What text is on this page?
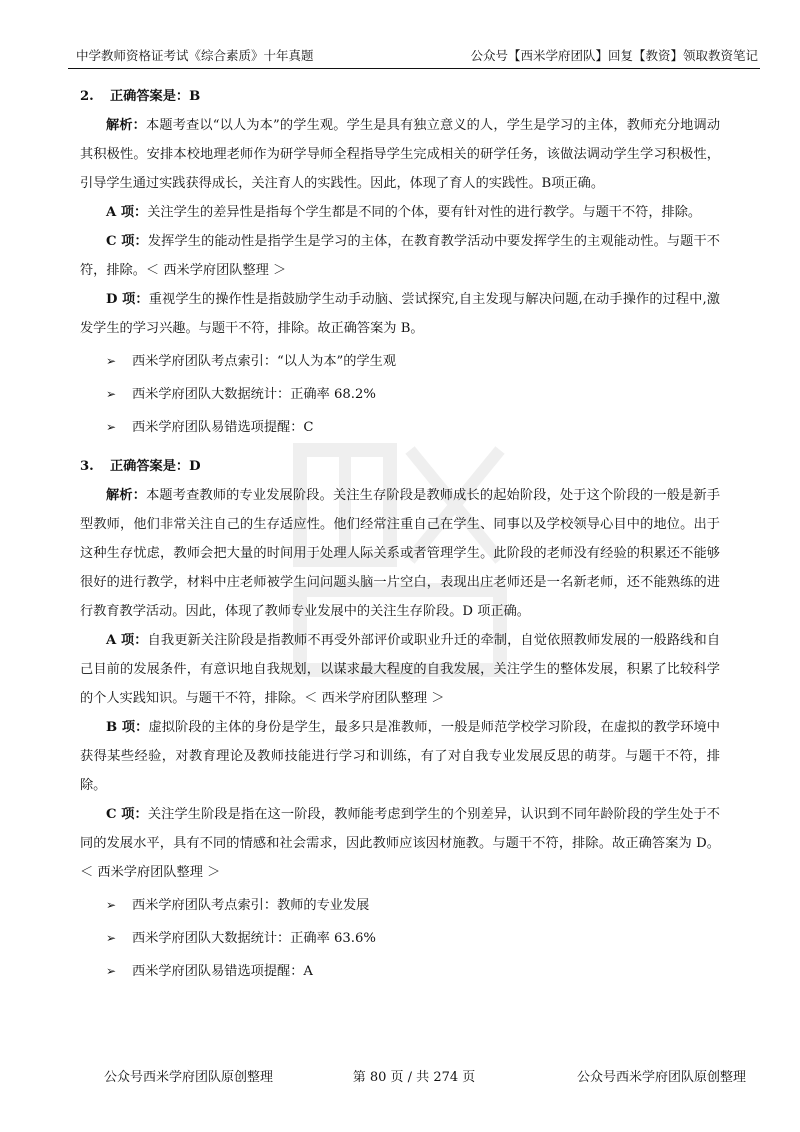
中学教师资格证考试《综合素质》十年真题	公众号【西米学府团队】回复【教资】领取教资笔记

2. 正确答案是：B

解析：本题考查以“以人为本”的学生观。学生是具有独立意义的人，学生是学习的主体，教师充分地调动其积极性。安排本校地理老师作为研学导师全程指导学生完成相关的研学任务，该做法调动学生学习积极性，引导学生通过实践获得成长，关注育人的实践性。因此，体现了育人的实践性。B项正确。

A 项：关注学生的差异性是指每个学生都是不同的个体，要有针对性的进行教学。与题干不符，排除。

C 项：发挥学生的能动性是指学生是学习的主体，在教育教学活动中要发挥学生的主观能动性。与题干不符，排除。＜ 西米学府团队整理 ＞

D 项：重视学生的操作性是指鼓励学生动手动脑、尝试探究,自主发现与解决问题,在动手操作的过程中,激发学生的学习兴趣。与题干不符，排除。故正确答案为 B。

➢ 西米学府团队考点索引：“以人为本”的学生观
➢ 西米学府团队大数据统计：正确率 68.2%
➢ 西米学府团队易错选项提醒：C

3. 正确答案是：D

解析：本题考查教师的专业发展阶段。关注生存阶段是教师成长的起始阶段，处于这个阶段的一般是新手型教师，他们非常关注自己的生存适应性。他们经常注重自己在学生、同事以及学校领导心目中的地位。出于这种生存忧虑，教师会把大量的时间用于处理人际关系或者管理学生。此阶段的老师没有经验的积累还不能够很好的进行教学，材料中庄老师被学生问问题头脑一片空白，表现出庄老师还是一名新老师，还不能熟练的进行教育教学活动。因此，体现了教师专业发展中的关注生存阶段。D 项正确。

A 项：自我更新关注阶段是指教师不再受外部评价或职业升迁的牵制，自觉依照教师发展的一般路线和自己目前的发展条件，有意识地自我规划，以谋求最大程度的自我发展，关注学生的整体发展，积累了比较科学的个人实践知识。与题干不符，排除。＜ 西米学府团队整理 ＞

B 项：虚拟阶段的主体的身份是学生，最多只是准教师，一般是师范学校学习阶段，在虚拟的教学环境中获得某些经验，对教育理论及教师技能进行学习和训练，有了对自我专业发展反思的萌芽。与题干不符，排除。

C 项：关注学生阶段是指在这一阶段，教师能考虑到学生的个别差异，认识到不同年龄阶段的学生处于不同的发展水平，具有不同的情感和社会需求，因此教师应该因材施教。与题干不符，排除。故正确答案为 D。＜ 西米学府团队整理 ＞

➢ 西米学府团队考点索引：教师的专业发展
➢ 西米学府团队大数据统计：正确率 63.6%
➢ 西米学府团队易错选项提醒：A
公众号西米学府团队原创整理	第 80 页 / 共 274 页	公众号西米学府团队原创整理
